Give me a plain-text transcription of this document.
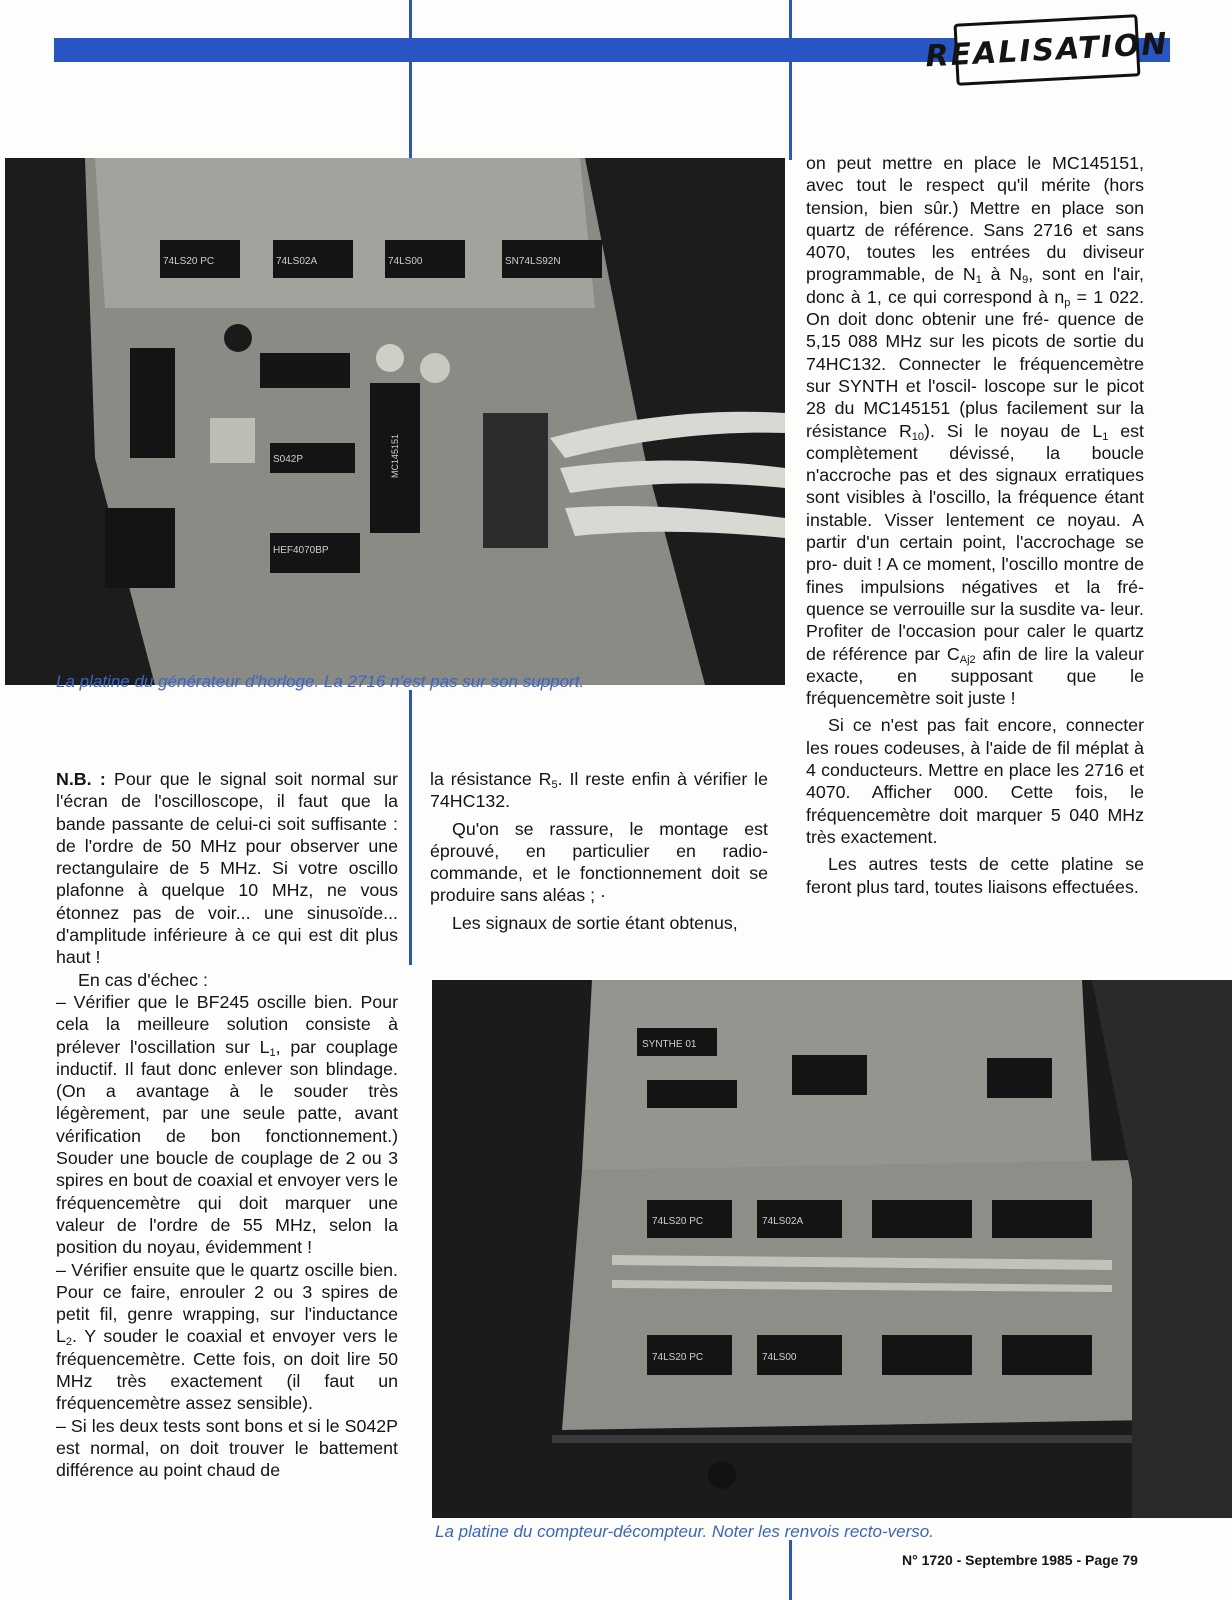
REALISATION
74LS20 PC	74LS02A	74LS00	SN74LS92N
MC145151
HEF4070BP
S042P
La platine du générateur d'horloge. La 2716 n'est pas sur son support.

on peut mettre en place le MC145151, avec tout le respect qu'il mérite (hors tension, bien sûr.) Mettre en place son quartz de référence. Sans 2716 et sans 4070, toutes les entrées du diviseur programmable, de $N_1$ à $N_9$, sont en l'air, donc à 1, ce qui correspond à $n_p = 1$ 022. On doit donc obtenir une fré- quence de 5,15 088 MHz sur les picots de sortie du 74HC132. Connecter le fréquencemètre sur SYNTH et l'oscil- loscope sur le picot 28 du MC145151 (plus facilement sur la résistance $R_{10}$). Si le noyau de $L_1$ est complètement dévissé, la boucle n'accroche pas et des signaux erratiques sont visibles à l'oscillo, la fréquence étant instable. Visser lentement ce noyau. A partir d'un certain point, l'accrochage se pro- duit ! A ce moment, l'oscillo montre de fines impulsions négatives et la fré- quence se verrouille sur la susdite va- leur. Profiter de l'occasion pour caler le quartz de référence par $C_{Aj2}$ afin de lire la valeur exacte, en supposant que le fréquencemètre soit juste !

Si ce n'est pas fait encore, connecter les roues codeuses, à l'aide de fil méplat à 4 conducteurs. Mettre en place les 2716 et 4070. Afficher 000. Cette fois, le fréquencemètre doit marquer 5 040 MHz très exactement.

Les autres tests de cette platine se feront plus tard, toutes liaisons effectuées.

N.B. : Pour que le signal soit normal sur l'écran de l'oscilloscope, il faut que la bande passante de celui-ci soit suffisante : de l'ordre de 50 MHz pour observer une rectangulaire de 5 MHz. Si votre oscillo plafonne à quelque 10 MHz, ne vous étonnez pas de voir... une sinusoïde... d'amplitude inférieure à ce qui est dit plus haut !

En cas d'échec :

– Vérifier que le BF245 oscille bien. Pour cela la meilleure solution consiste à prélever l'oscillation sur $L_1$, par couplage inductif. Il faut donc enlever son blindage. (On a avantage à le souder très légèrement, par une seule patte, avant vérification de bon fonctionnement.) Souder une boucle de couplage de 2 ou 3 spires en bout de coaxial et envoyer vers le fréquencemètre qui doit marquer une valeur de l'ordre de 55 MHz, selon la position du noyau, évidemment !

– Vérifier ensuite que le quartz oscille bien. Pour ce faire, enrouler 2 ou 3 spires de petit fil, genre wrapping, sur l'inductance $L_2$. Y souder le coaxial et envoyer vers le fréquencemètre. Cette fois, on doit lire 50 MHz très exactement (il faut un fréquencemètre assez sensible).

– Si les deux tests sont bons et si le S042P est normal, on doit trouver le battement différence au point chaud de

la résistance $R_5$. Il reste enfin à vérifier le 74HC132.

Qu'on se rassure, le montage est éprouvé, en particulier en radio-commande, et le fonctionnement doit se produire sans aléas ; ·

Les signaux de sortie étant obtenus,

SYNTHE 01
74LS20 PC	74LS02A
74LS20 PC	74LS00
La platine du compteur-décompteur. Noter les renvois recto-verso.
N° 1720 - Septembre 1985 - Page 79
